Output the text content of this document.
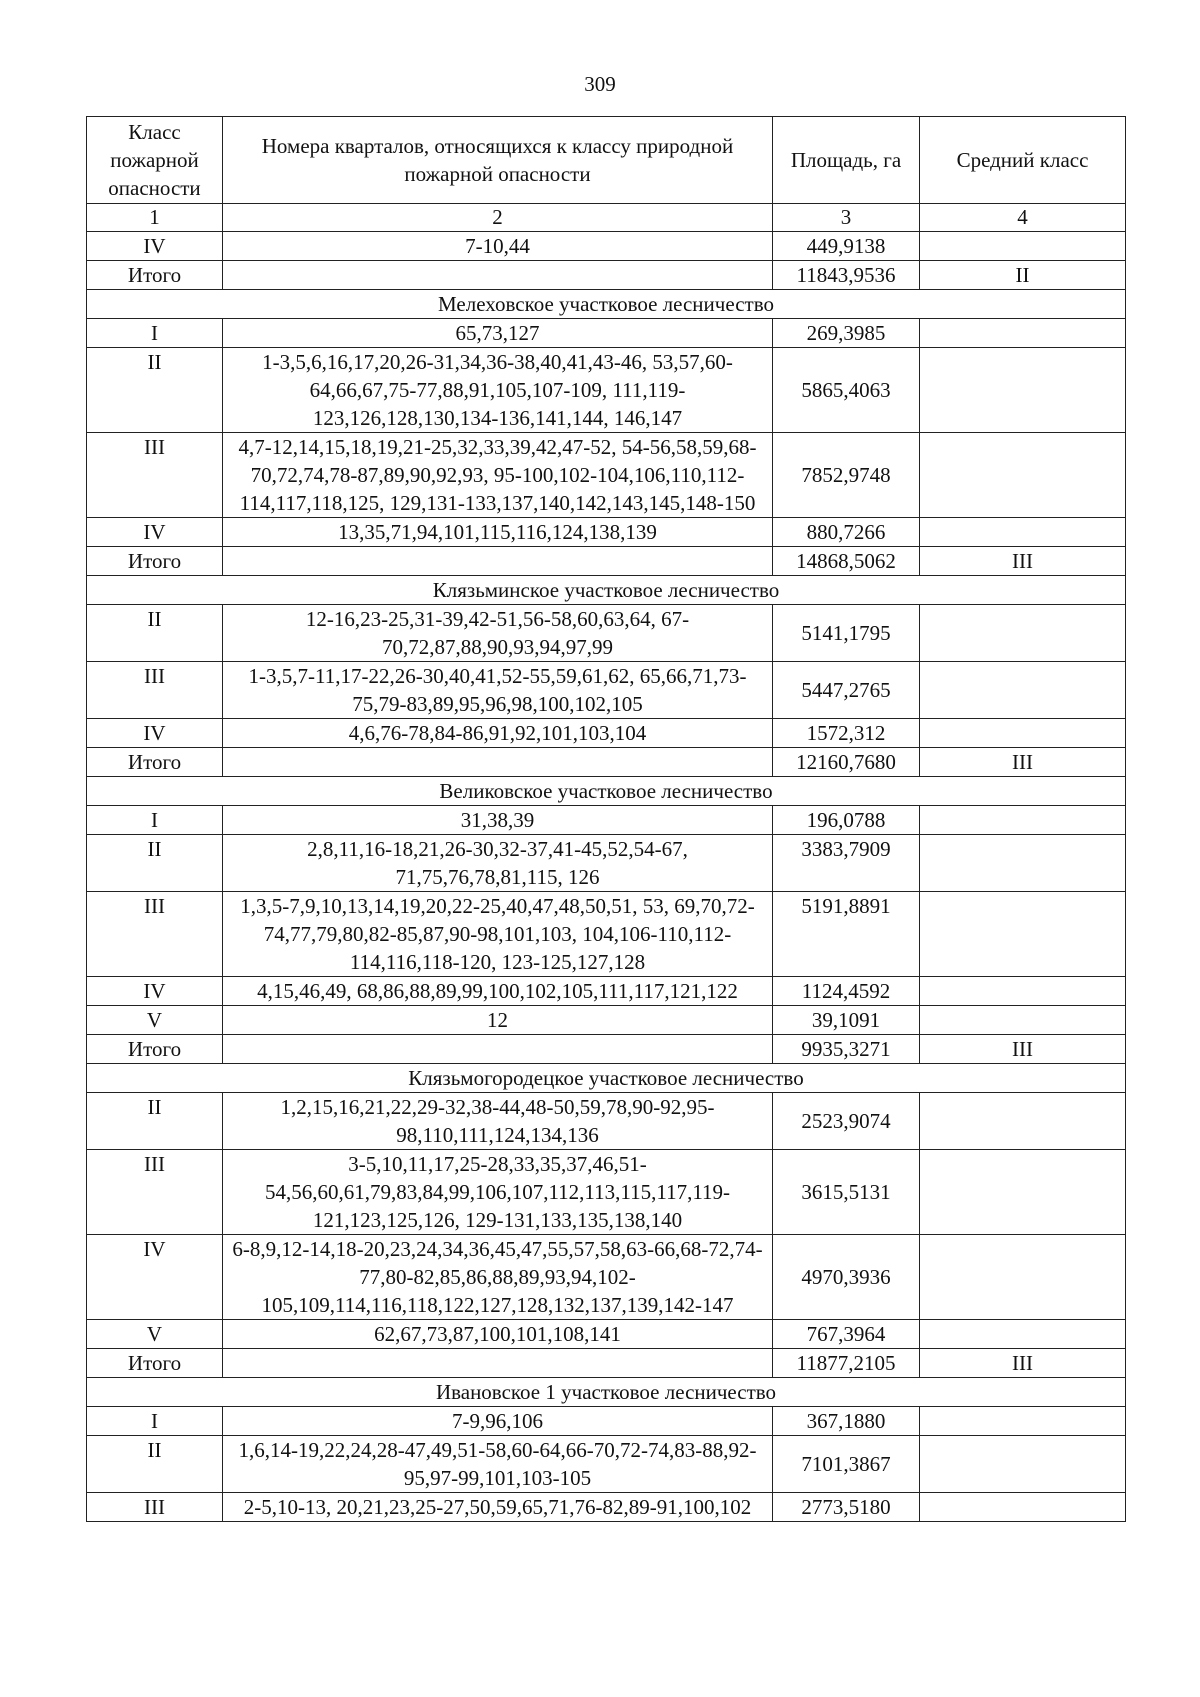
309
Класс пожарной опасности	Номера кварталов, относящихся к классу природной пожарной опасности	Площадь, га	Средний класс
1	2	3	4
IV	7-10,44	449,9138	
Итого		11843,9536	II
Мелеховское участковое лесничество			
I	65,73,127	269,3985	
II	1-3,5,6,16,17,20,26-31,34,36-38,40,41,43-46, 53,57,60-64,66,67,75-77,88,91,105,107-109, 111,119-123,126,128,130,134-136,141,144, 146,147	5865,4063	
III	4,7-12,14,15,18,19,21-25,32,33,39,42,47-52, 54-56,58,59,68-70,72,74,78-87,89,90,92,93, 95-100,102-104,106,110,112-114,117,118,125, 129,131-133,137,140,142,143,145,148-150	7852,9748	
IV	13,35,71,94,101,115,116,124,138,139	880,7266	
Итого		14868,5062	III
Клязьминское участковое лесничество			
II	12-16,23-25,31-39,42-51,56-58,60,63,64, 67-70,72,87,88,90,93,94,97,99	5141,1795	
III	1-3,5,7-11,17-22,26-30,40,41,52-55,59,61,62, 65,66,71,73-75,79-83,89,95,96,98,100,102,105	5447,2765	
IV	4,6,76-78,84-86,91,92,101,103,104	1572,312	
Итого		12160,7680	III
Великовское участковое лесничество			
I	31,38,39	196,0788	
II	2,8,11,16-18,21,26-30,32-37,41-45,52,54-67, 71,75,76,78,81,115, 126	3383,7909	
III	1,3,5-7,9,10,13,14,19,20,22-25,40,47,48,50,51, 53, 69,70,72-74,77,79,80,82-85,87,90-98,101,103, 104,106-110,112-114,116,118-120, 123-125,127,128	5191,8891	
IV	4,15,46,49, 68,86,88,89,99,100,102,105,111,117,121,122	1124,4592	
V	12	39,1091	
Итого		9935,3271	III
Клязьмогородецкое участковое лесничество			
II	1,2,15,16,21,22,29-32,38-44,48-50,59,78,90-92,95-98,110,111,124,134,136	2523,9074	
III	3-5,10,11,17,25-28,33,35,37,46,51-54,56,60,61,79,83,84,99,106,107,112,113,115,117,119-121,123,125,126, 129-131,133,135,138,140	3615,5131	
IV	6-8,9,12-14,18-20,23,24,34,36,45,47,55,57,58,63-66,68-72,74-77,80-82,85,86,88,89,93,94,102-105,109,114,116,118,122,127,128,132,137,139,142-147	4970,3936	
V	62,67,73,87,100,101,108,141	767,3964	
Итого		11877,2105	III
Ивановское 1 участковое лесничество			
I	7-9,96,106	367,1880	
II	1,6,14-19,22,24,28-47,49,51-58,60-64,66-70,72-74,83-88,92-95,97-99,101,103-105	7101,3867	
III	2-5,10-13, 20,21,23,25-27,50,59,65,71,76-82,89-91,100,102	2773,5180	
